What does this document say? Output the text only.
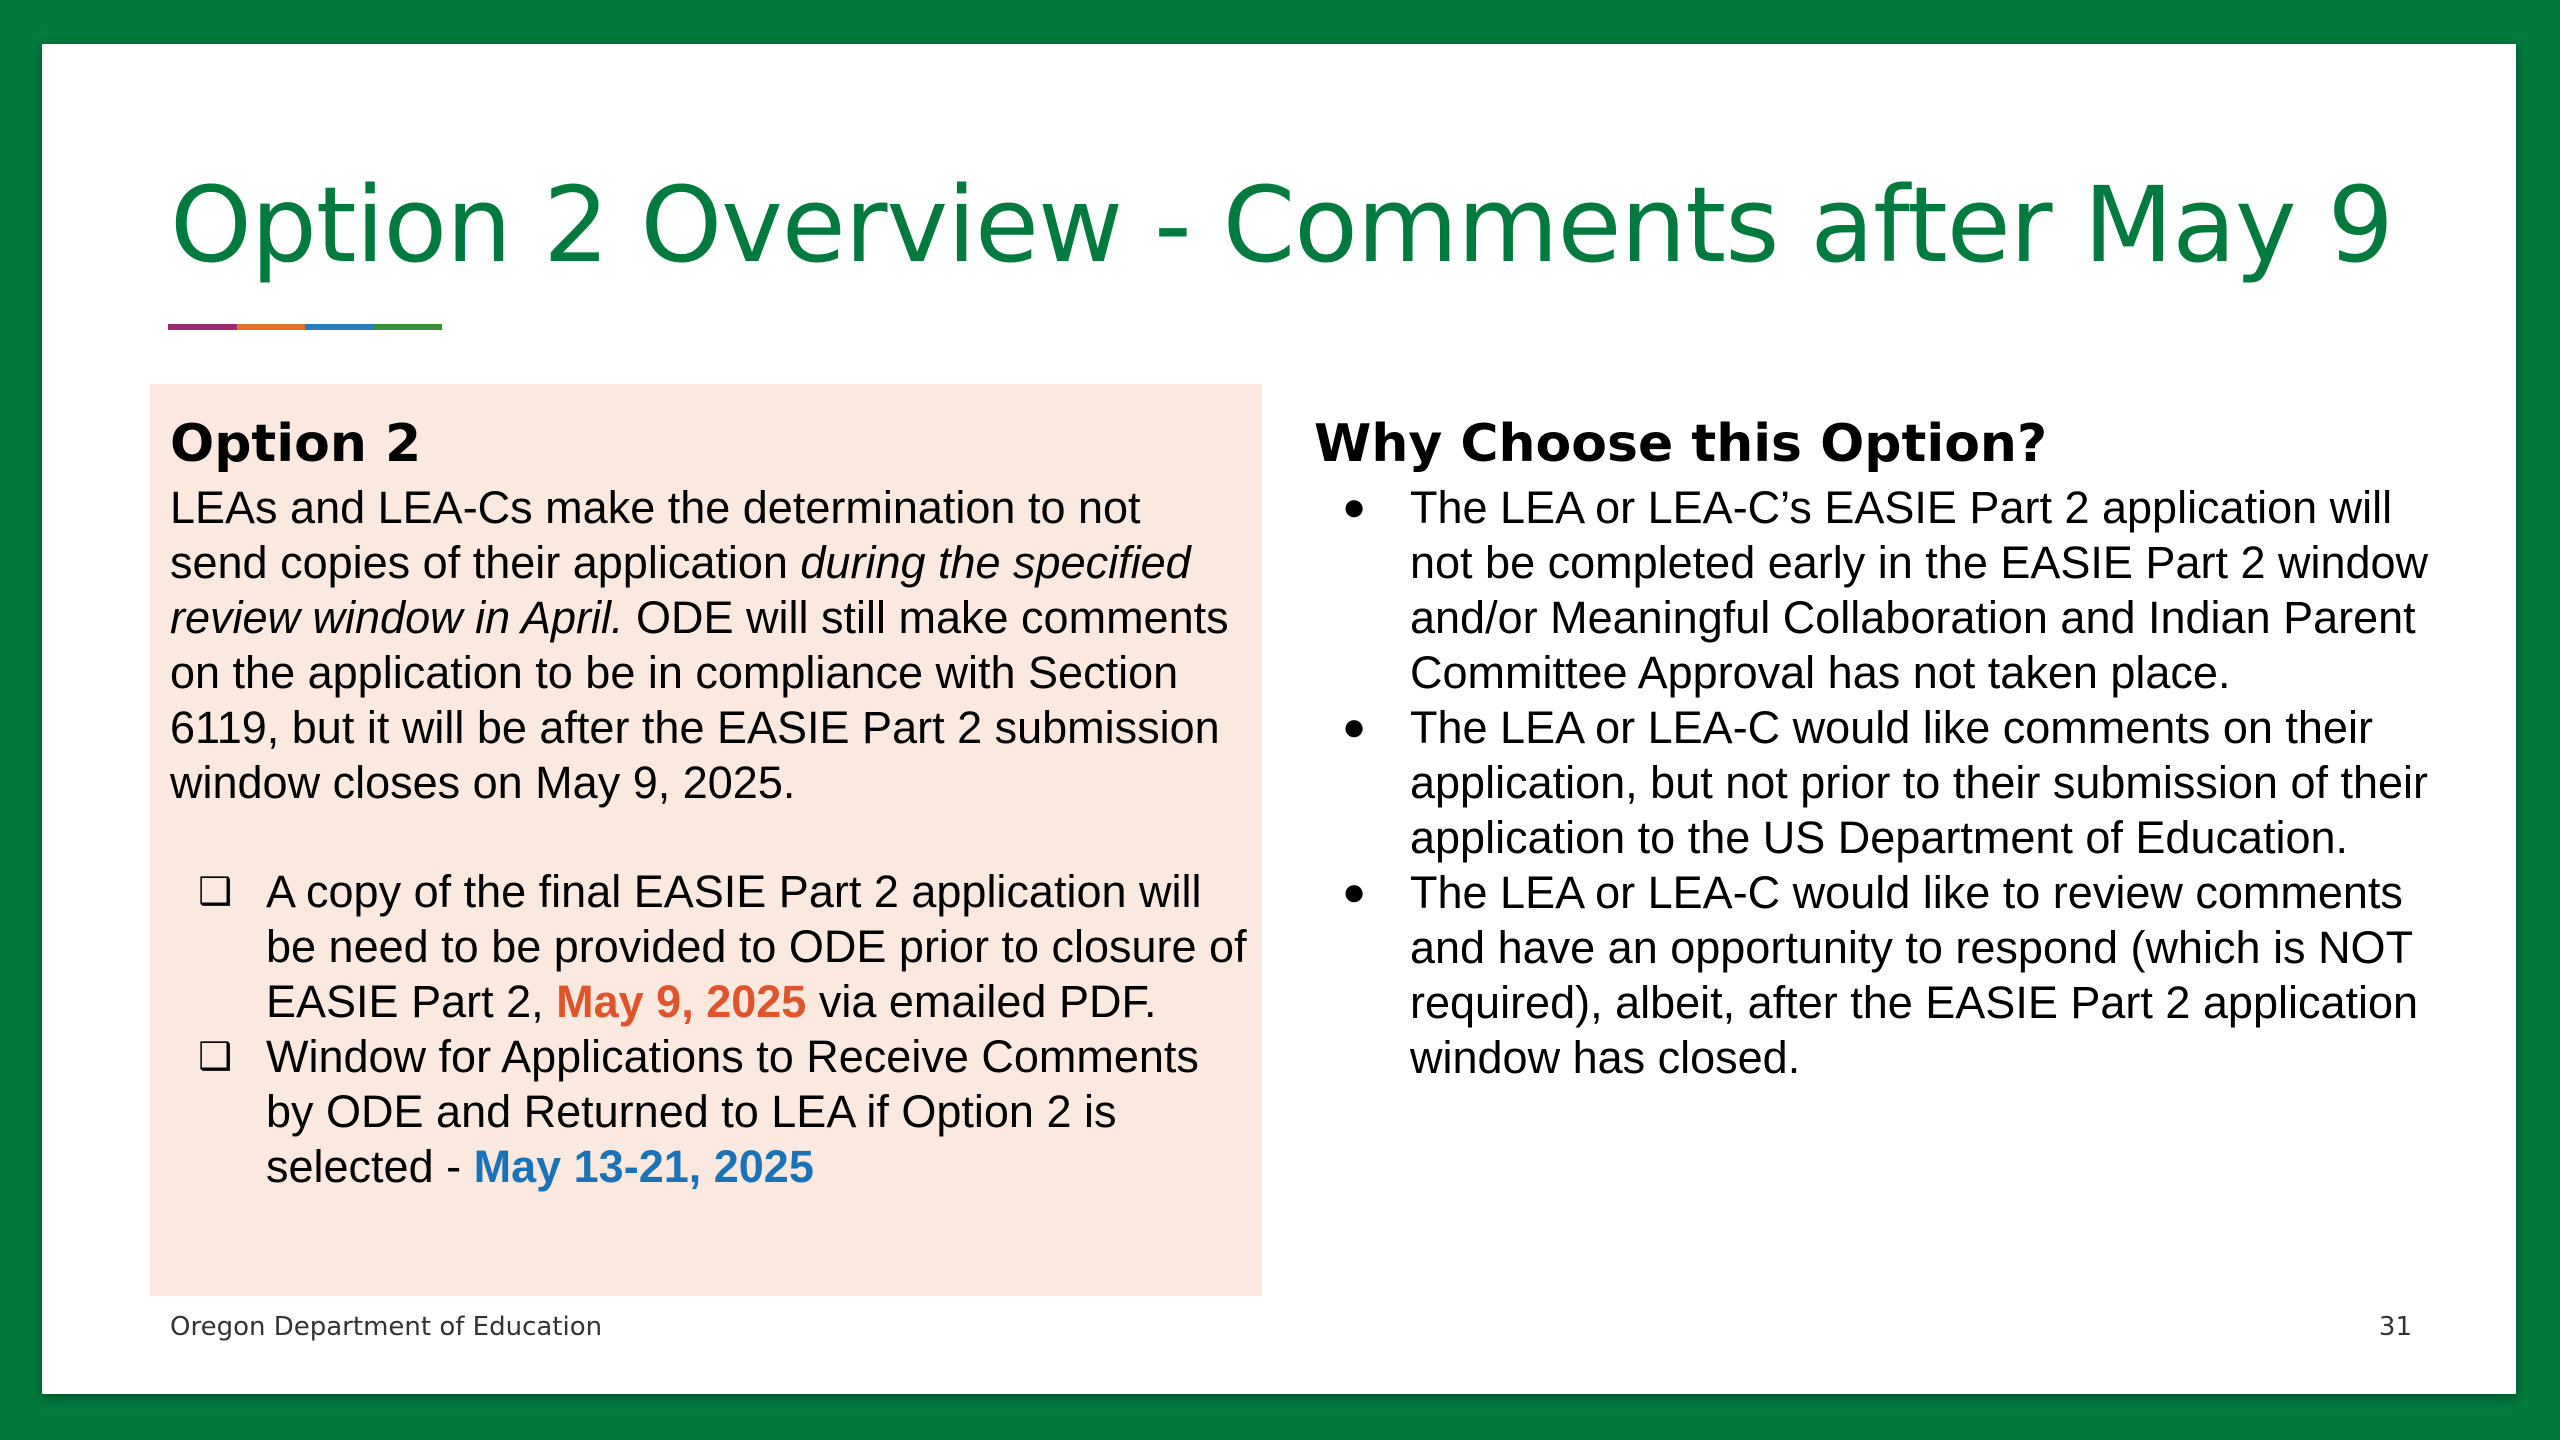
Option 2 Overview - Comments after May 9
Option 2

LEAs and LEA-Cs make the determination to not send copies of their application during the specified review window in April. ODE will still make comments on the application to be in compliance with Section 6119, but it will be after the EASIE Part 2 submission window closes on May 9, 2025.

❑ A copy of the final EASIE Part 2 application will be need to be provided to ODE prior to closure of EASIE Part 2, May 9, 2025 via emailed PDF.
❑ Window for Applications to Receive Comments by ODE and Returned to LEA if Option 2 is selected - May 13-21, 2025
Why Choose this Option?
● The LEA or LEA-C’s EASIE Part 2 application will not be completed early in the EASIE Part 2 window and/or Meaningful Collaboration and Indian Parent Committee Approval has not taken place.
● The LEA or LEA-C would like comments on their application, but not prior to their submission of their application to the US Department of Education.
● The LEA or LEA-C would like to review comments and have an opportunity to respond (which is NOT required), albeit, after the EASIE Part 2 application window has closed.
Oregon Department of Education	31
